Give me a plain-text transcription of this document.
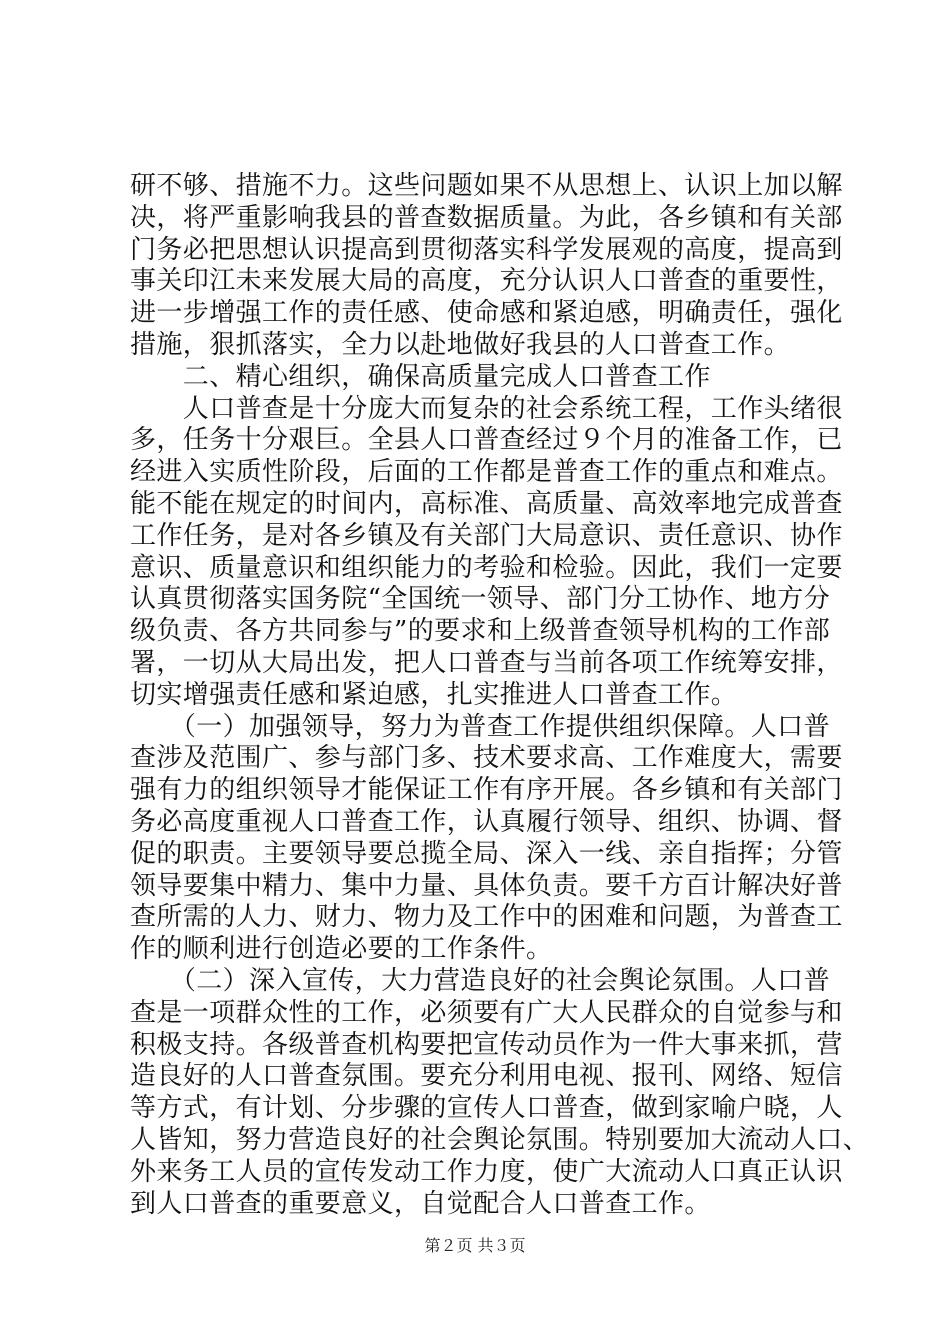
研不够、措施不力。这些问题如果不从思想上、认识上加以解
决，将严重影响我县的普查数据质量。为此，各乡镇和有关部
门务必把思想认识提高到贯彻落实科学发展观的高度，提高到
事关印江未来发展大局的高度，充分认识人口普查的重要性，
进一步增强工作的责任感、使命感和紧迫感，明确责任，强化
措施，狠抓落实，全力以赴地做好我县的人口普查工作。
　　二、精心组织，确保高质量完成人口普查工作
　　人口普查是十分庞大而复杂的社会系统工程，工作头绪很
多，任务十分艰巨。全县人口普查经过９个月的准备工作，已
经进入实质性阶段，后面的工作都是普查工作的重点和难点。
能不能在规定的时间内，高标准、高质量、高效率地完成普查
工作任务，是对各乡镇及有关部门大局意识、责任意识、协作
意识、质量意识和组织能力的考验和检验。因此，我们一定要
认真贯彻落实国务院“全国统一领导、部门分工协作、地方分
级负责、各方共同参与”的要求和上级普查领导机构的工作部
署，一切从大局出发，把人口普查与当前各项工作统筹安排，
切实增强责任感和紧迫感，扎实推进人口普查工作。
　　（一）加强领导，努力为普查工作提供组织保障。人口普
查涉及范围广、参与部门多、技术要求高、工作难度大，需要
强有力的组织领导才能保证工作有序开展。各乡镇和有关部门
务必高度重视人口普查工作，认真履行领导、组织、协调、督
促的职责。主要领导要总揽全局、深入一线、亲自指挥；分管
领导要集中精力、集中力量、具体负责。要千方百计解决好普
查所需的人力、财力、物力及工作中的困难和问题，为普查工
作的顺利进行创造必要的工作条件。
　　（二）深入宣传，大力营造良好的社会舆论氛围。人口普
查是一项群众性的工作，必须要有广大人民群众的自觉参与和
积极支持。各级普查机构要把宣传动员作为一件大事来抓，营
造良好的人口普查氛围。要充分利用电视、报刊、网络、短信
等方式，有计划、分步骤的宣传人口普查，做到家喻户晓，人
人皆知，努力营造良好的社会舆论氛围。特别要加大流动人口、
外来务工人员的宣传发动工作力度，使广大流动人口真正认识
到人口普查的重要意义，自觉配合人口普查工作。
第２页 共３页
